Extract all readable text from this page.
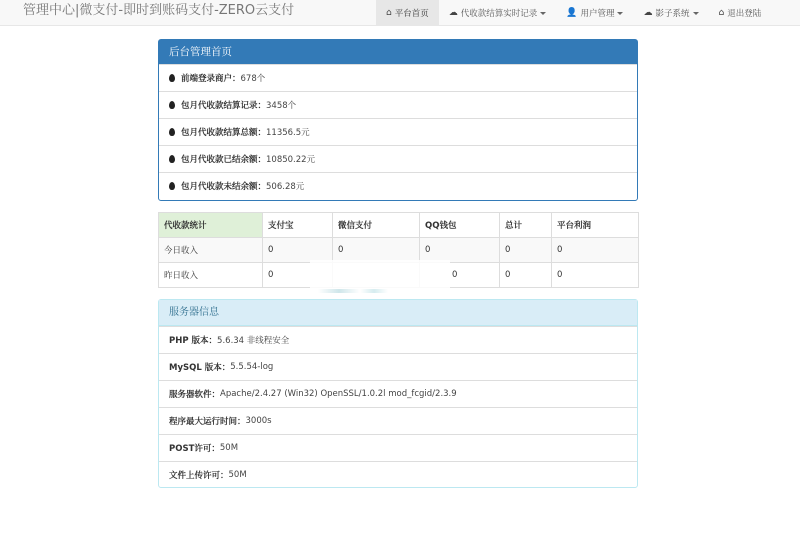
管理中心|微支付-即时到账码支付-ZERO云支付	⌂ 平台首页 ☁ 代收款结算实时记录	👤 用户管理	☁ 影子系统	⌂ 退出登陆
后台管理首页
前端登录商户： 678个
包月代收款结算记录： 3458个
包月代收款结算总额： 11356.5元
包月代收款已结余额： 10850.22元
包月代收款未结余额： 506.28元
代收款统计	支付宝	微信支付	QQ钱包	总计	平台利润
今日收入	0	0	0	0	0
昨日收入	0		0	0	0
服务器信息
PHP 版本： 5.6.34 非线程安全
MySQL 版本： 5.5.54-log
服务器软件： Apache/2.4.27 (Win32) OpenSSL/1.0.2l mod_fcgid/2.3.9
程序最大运行时间： 3000s
POST许可： 50M
文件上传许可： 50M
